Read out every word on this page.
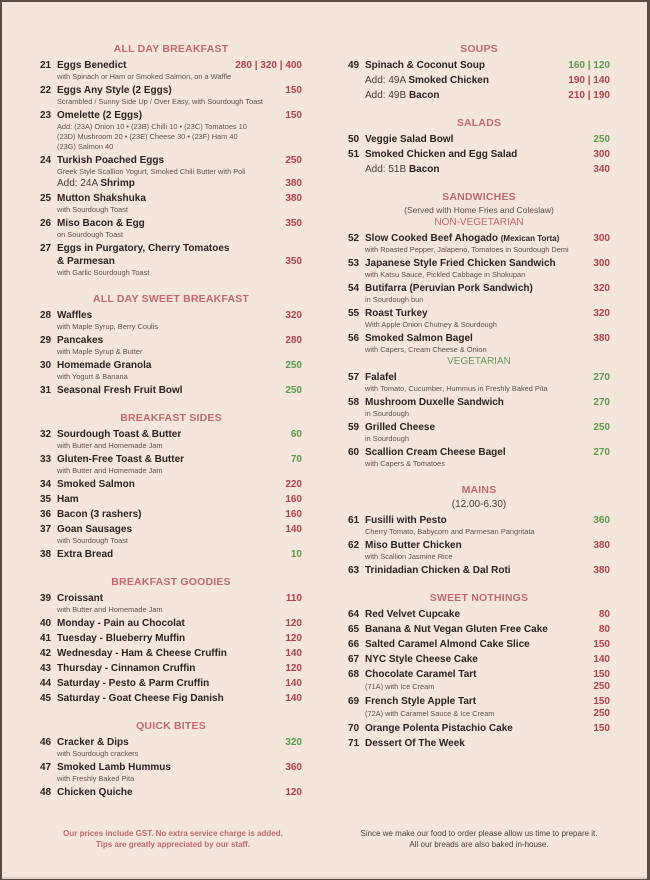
ALL DAY BREAKFAST
21 Eggs Benedict	280 | 320 | 400
with Spinach or Ham or Smoked Salmon, on a Waffle
22 Eggs Any Style (2 Eggs)	150
Scrambled / Sunny Side Up / Over Easy, with Sourdough Toast
23 Omelette (2 Eggs)	150
Add: (23A) Onion 10 • (23B) Chilli 10 • (23C) Tomatoes 10
(23D) Mushroom 20 • (23E) Cheese 30 • (23F) Ham 40
(23G) Salmon 40
24 Turkish Poached Eggs	250
Greek Style Scallion Yogurt, Smoked Chili Butter with Poli
Add: 24A Shrimp	380
25 Mutton Shakshuka	380
with Sourdough Toast
26 Miso Bacon & Egg	350
on Sourdough Toast
27 Eggs in Purgatory, Cherry Tomatoes
& Parmesan	350
with Garlic Sourdough Toast
ALL DAY SWEET BREAKFAST
28 Waffles	320
with Maple Syrup, Berry Coulis
29 Pancakes	280
with Maple Syrup & Butter
30 Homemade Granola	250
with Yogurt & Banana
31 Seasonal Fresh Fruit Bowl	250
BREAKFAST SIDES
32 Sourdough Toast & Butter	60
with Butter and Homemade Jam
33 Gluten-Free Toast & Butter	70
with Butter and Homemade Jam
34 Smoked Salmon	220
35 Ham	160
36 Bacon (3 rashers)	160
37 Goan Sausages	140
with Sourdough Toast
38 Extra Bread	10
BREAKFAST GOODIES
39 Croissant	110
with Butter and Homemade Jam
40 Monday - Pain au Chocolat	120
41 Tuesday - Blueberry Muffin	120
42 Wednesday - Ham & Cheese Cruffin	140
43 Thursday - Cinnamon Cruffin	120
44 Saturday - Pesto & Parm Cruffin	140
45 Saturday - Goat Cheese Fig Danish	140
QUICK BITES
46 Cracker & Dips	320
with Sourdough crackers
47 Smoked Lamb Hummus	360
with Freshly Baked Pita
48 Chicken Quiche	120
Our prices include GST. No extra service charge is added.
Tips are greatly appreciated by our staff.
SOUPS
49 Spinach & Coconut Soup	160 | 120
Add: 49A Smoked Chicken	190 | 140
Add: 49B Bacon	210 | 190
SALADS
50 Veggie Salad Bowl	250
51 Smoked Chicken and Egg Salad	300
Add: 51B Bacon	340
SANDWICHES
(Served with Home Fries and Coleslaw)
NON-VEGETARIAN
52 Slow Cooked Beef Ahogado (Mexican Torta)	300
with Roasted Pepper, Jalapeno, Tomatoes in Sourdough Demi
53 Japanese Style Fried Chicken Sandwich	300
with Katsu Sauce, Pickled Cabbage in Shokupan
54 Butifarra (Peruvian Pork Sandwich)	320
in Sourdough bun
55 Roast Turkey	320
With Apple Onion Chutney & Sourdough
56 Smoked Salmon Bagel	380
with Capers, Cream Cheese & Onion
VEGETARIAN
57 Falafel	270
with Tomato, Cucumber, Hummus in Freshly Baked Pita
58 Mushroom Duxelle Sandwich	270
in Sourdough
59 Grilled Cheese	250
in Sourdough
60 Scallion Cream Cheese Bagel	270
with Capers & Tomatoes
MAINS
(12.00-6.30)
61 Fusilli with Pesto	360
Cherry Tomato, Babycorn and Parmesan Pangritata
62 Miso Butter Chicken	380
with Scallion Jasmine Rice
63 Trinidadian Chicken & Dal Roti	380
SWEET NOTHINGS
64 Red Velvet Cupcake	80
65 Banana & Nut Vegan Gluten Free Cake	80
66 Salted Caramel Almond Cake Slice	150
67 NYC Style Cheese Cake	140
68 Chocolate Caramel Tart	150
(71A) with Ice Cream	250
69 French Style Apple Tart	150
(72A) with Caramel Sauce & Ice Cream	250
70 Orange Polenta Pistachio Cake	150
71 Dessert Of The Week
Since we make our food to order please allow us time to prepare it.
All our breads are also baked in-house.
